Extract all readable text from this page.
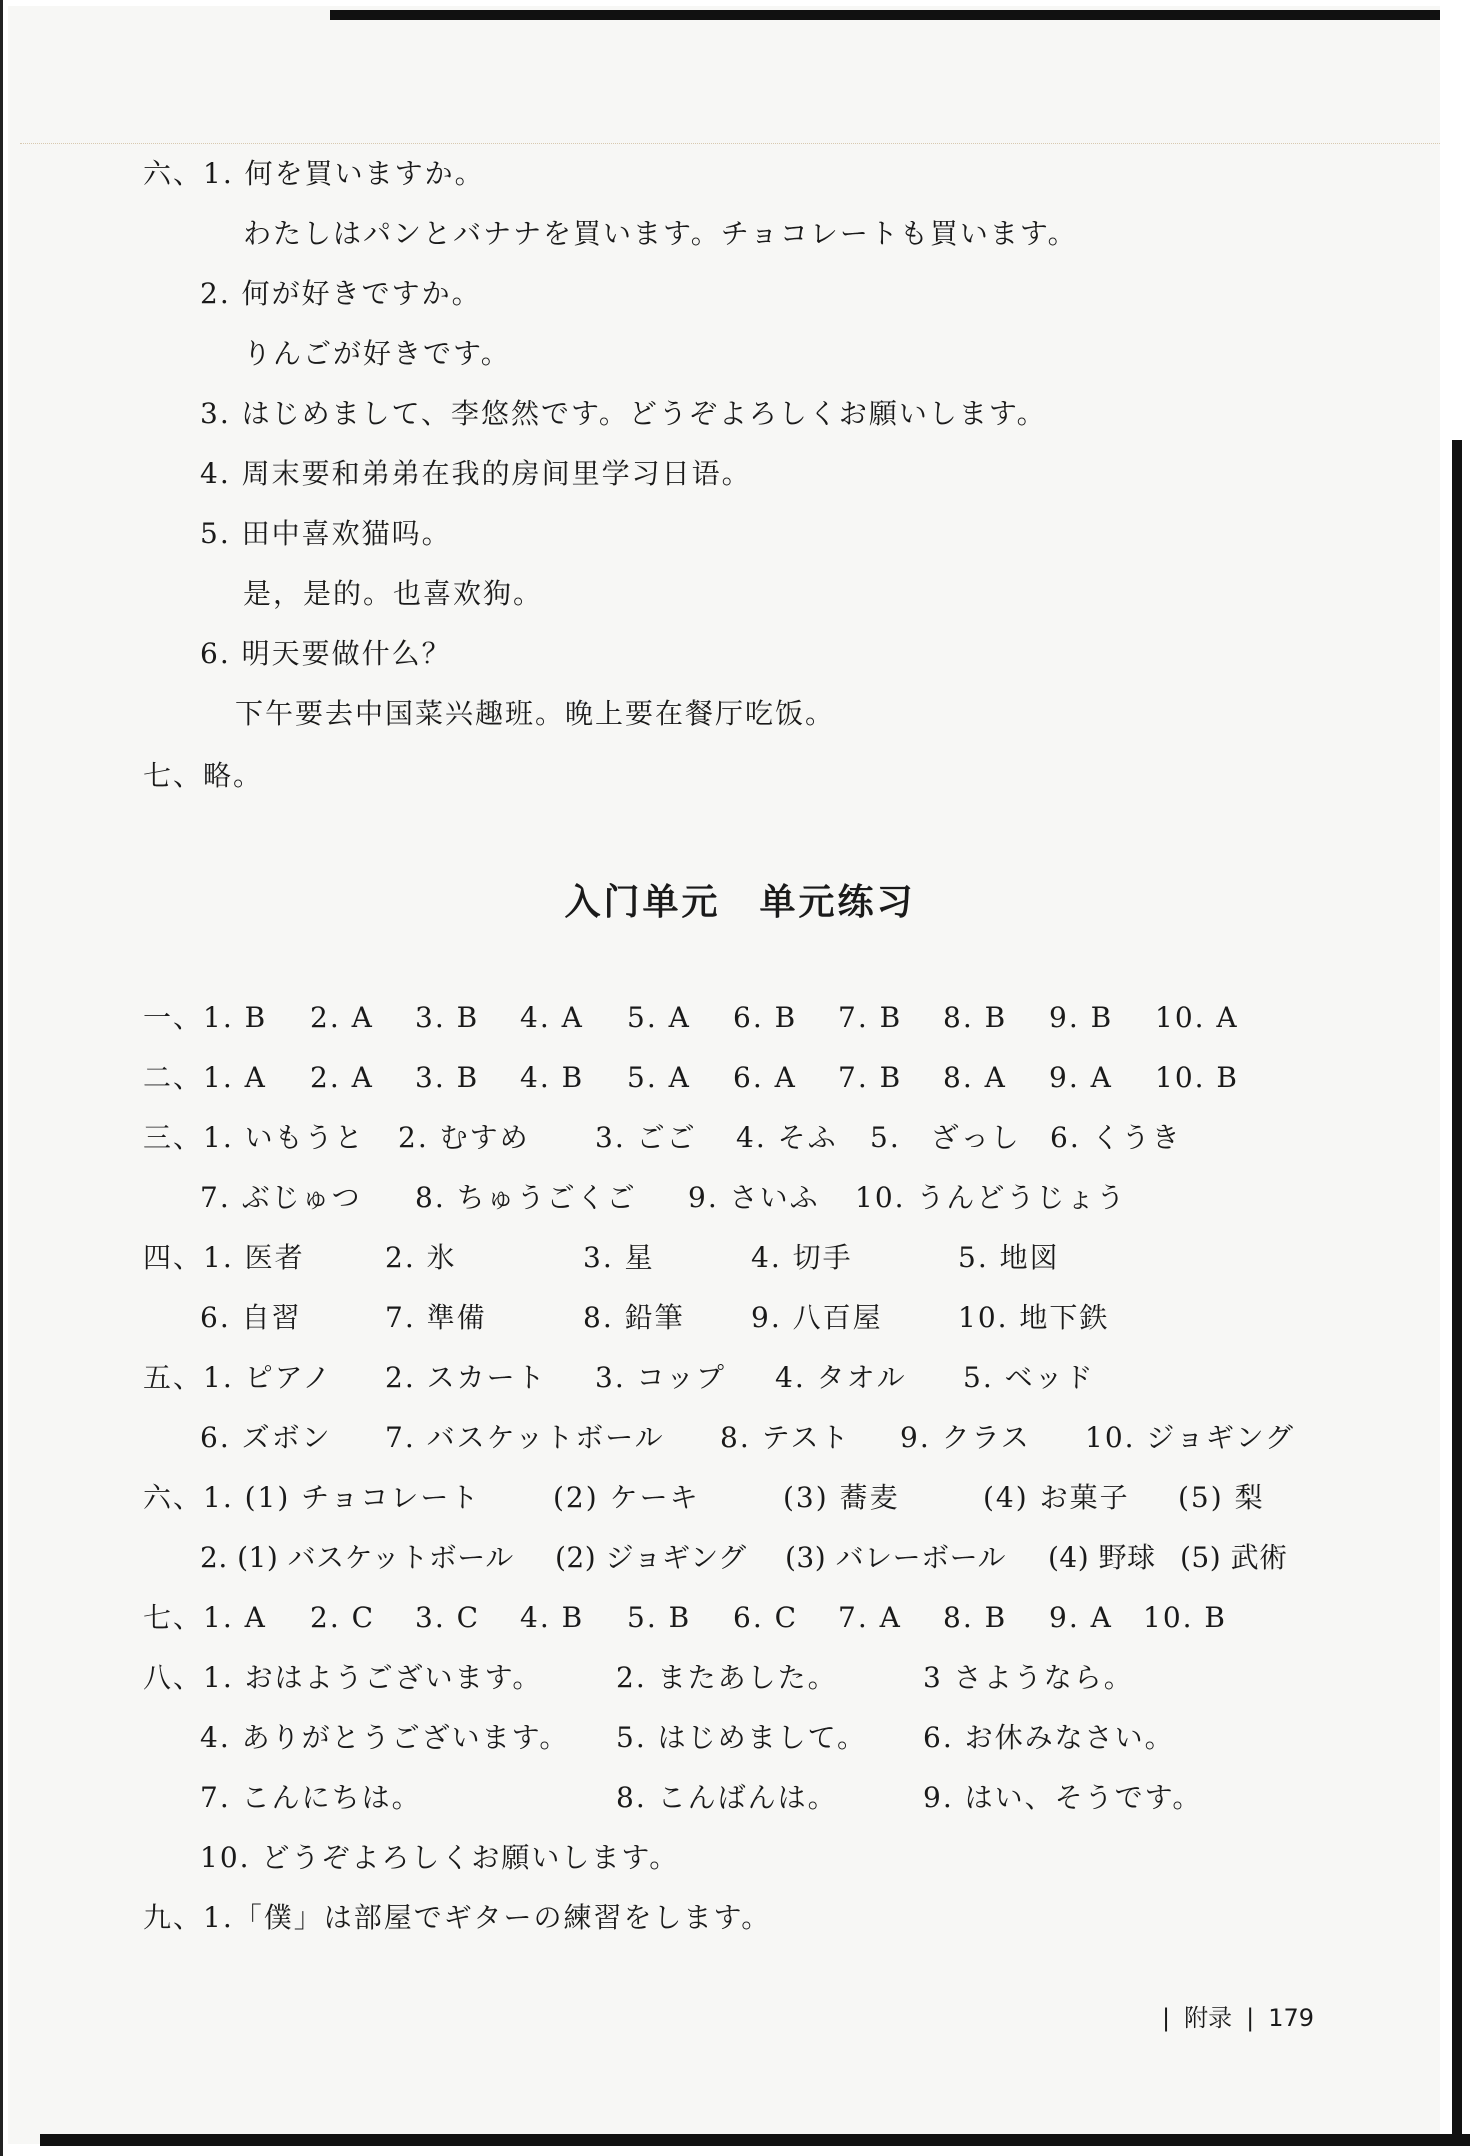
六、1. 何を買いますか。
わたしはパンとバナナを買います。チョコレートも買います。
2. 何が好きですか。
りんごが好きです。
3. はじめまして、李悠然です。どうぞよろしくお願いします。
4. 周末要和弟弟在我的房间里学习日语。
5. 田中喜欢猫吗。
是，是的。也喜欢狗。
6. 明天要做什么？
下午要去中国菜兴趣班。晚上要在餐厅吃饭。
七、略。
入门单元　单元练习
一、 1. B 2. A 3. B 4. A 5. A 6. B 7. B 8. B 9. B 10. A
二、 1. A 2. A 3. B 4. B 5. A 6. A 7. B 8. A 9. A 10. B
三、 1. いもうと 2. むすめ 3. ごご 4. そふ 5.　ざっし 6. くうき
7. ぶじゅつ 8. ちゅうごくご 9. さいふ 10. うんどうじょう
四、 1. 医者	2. 氷	3. 星	4. 切手	5. 地図
6. 自習	7. 準備	8. 鉛筆 9. 八百屋	10. 地下鉄
五、 1. ピアノ 2. スカート 3. コップ 4. タオル 5. ベッド
6. ズボン 7. バスケットボール 8. テスト 9. クラス 10. ジョギング
六、 1. (1) チョコレート	(2) ケーキ	(3) 蕎麦	(4) お菓子 (5) 梨
2. (1) バスケットボール (2) ジョギング (3) バレーボール (4) 野球 (5) 武術
七、 1. A 2. C 3. C 4. B 5. B 6. C 7. A 8. B 9. A 10. B
八、 1. おはようございます。	2. またあした。	3 さようなら。
4. ありがとうございます。 5. はじめまして。 6. お休みなさい。
7. こんにちは。	8. こんばんは。	9. はい、そうです。
10. どうぞよろしくお願いします。
九、1.「僕」は部屋でギターの練習をします。
| 附录 | 179
